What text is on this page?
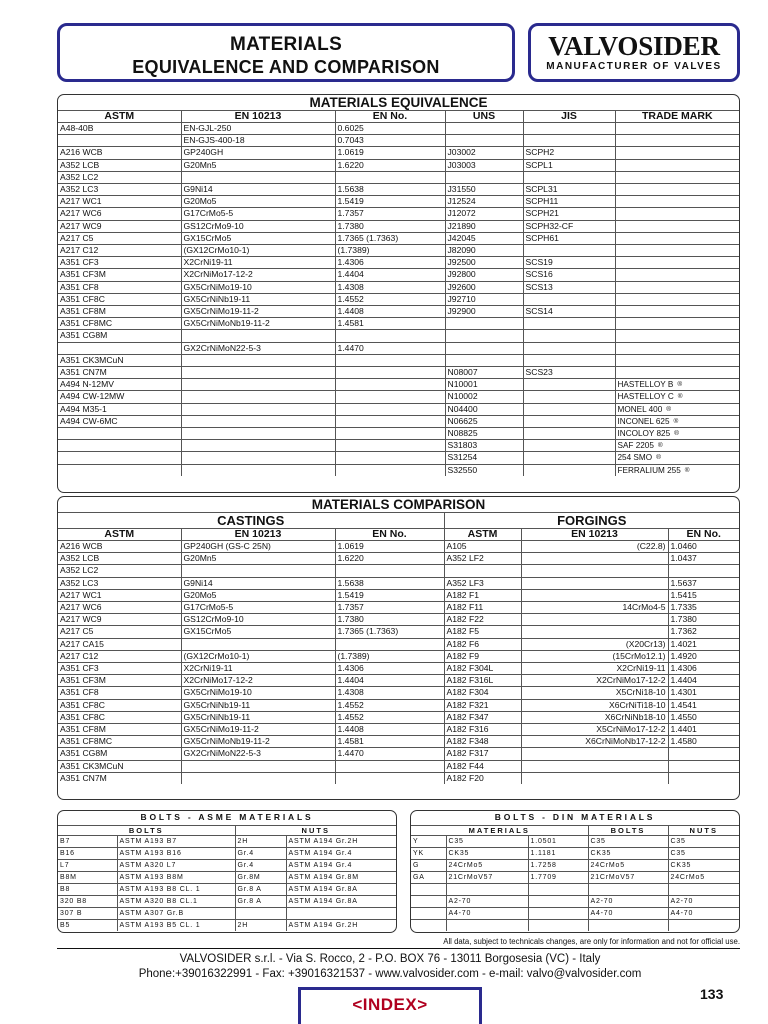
MATERIALS
EQUIVALENCE AND COMPARISON
VALVOSIDER
MANUFACTURER OF VALVES
MATERIALS EQUIVALENCE
ASTM	EN 10213	EN No.	UNS	JIS	TRADE MARK
A48-40B	EN-GJL-250	0.6025			
	EN-GJS-400-18	0.7043			
A216 WCB	GP240GH	1.0619	J03002	SCPH2	
A352 LCB	G20Mn5	1.6220	J03003	SCPL1	
A352 LC2					
A352 LC3	G9Ni14	1.5638	J31550	SCPL31	
A217 WC1	G20Mo5	1.5419	J12524	SCPH11	
A217 WC6	G17CrMo5-5	1.7357	J12072	SCPH21	
A217 WC9	GS12CrMo9-10	1.7380	J21890	SCPH32-CF	
A217 C5	GX15CrMo5	1.7365 (1.7363)	J42045	SCPH61	
A217 C12	(GX12CrMo10-1)	(1.7389)	J82090		
A351 CF3	X2CrNi19-11	1.4306	J92500	SCS19	
A351 CF3M	X2CrNiMo17-12-2	1.4404	J92800	SCS16	
A351 CF8	GX5CrNiMo19-10	1.4308	J92600	SCS13	
A351 CF8C	GX5CrNiNb19-11	1.4552	J92710		
A351 CF8M	GX5CrNiMo19-11-2	1.4408	J92900	SCS14	
A351 CF8MC	GX5CrNiMoNb19-11-2	1.4581			
A351 CG8M					
	GX2CrNiMoN22-5-3	1.4470			
A351 CK3MCuN					
A351 CN7M			N08007	SCS23	
A494 N-12MV			N10001		HASTELLOY B ®
A494 CW-12MW			N10002		HASTELLOY C ®
A494 M35-1			N04400		MONEL 400 ®
A494 CW-6MC			N06625		INCONEL 625 ®
			N08825		INCOLOY 825 ®
			S31803		SAF 2205 ®
			S31254		254 SMO ®
			S32550		FERRALIUM 255 ®
MATERIALS COMPARISON
CASTINGS			FORGINGS		
ASTM	EN 10213	EN No.	ASTM	EN 10213	EN No.
A216 WCB	GP240GH (GS-C 25N)	1.0619	A105	(C22.8)	1.0460
A352 LCB	G20Mn5	1.6220	A352 LF2		1.0437
A352 LC2					
A352 LC3	G9Ni14	1.5638	A352 LF3		1.5637
A217 WC1	G20Mo5	1.5419	A182 F1		1.5415
A217 WC6	G17CrMo5-5	1.7357	A182 F11	14CrMo4-5	1.7335
A217 WC9	GS12CrMo9-10	1.7380	A182 F22		1.7380
A217 C5	GX15CrMo5	1.7365 (1.7363)	A182 F5		1.7362
A217 CA15			A182 F6	(X20Cr13)	1.4021
A217 C12	(GX12CrMo10-1)	(1.7389)	A182 F9	(15CrMo12.1)	1.4920
A351 CF3	X2CrNi19-11	1.4306	A182 F304L	X2CrNi19-11	1.4306
A351 CF3M	X2CrNiMo17-12-2	1.4404	A182 F316L	X2CrNiMo17-12-2	1.4404
A351 CF8	GX5CrNiMo19-10	1.4308	A182 F304	X5CrNi18-10	1.4301
A351 CF8C	GX5CrNiNb19-11	1.4552	A182 F321	X6CrNiTi18-10	1.4541
A351 CF8C	GX5CrNiNb19-11	1.4552	A182 F347	X6CrNiNb18-10	1.4550
A351 CF8M	GX5CrNiMo19-11-2	1.4408	A182 F316	X5CrNiMo17-12-2	1.4401
A351 CF8MC	GX5CrNiMoNb19-11-2	1.4581	A182 F348	X6CrNiMoNb17-12-2	1.4580
A351 CG8M	GX2CrNiMoN22-5-3	1.4470	A182 F317		
A351 CK3MCuN			A182 F44		
A351 CN7M			A182 F20		
BOLTS - ASME MATERIALS			
BOLTS		NUTS	
B7	ASTM A193 B7	2H	ASTM A194 Gr.2H
B16	ASTM A193 B16	Gr.4	ASTM A194 Gr.4
L7	ASTM A320 L7	Gr.4	ASTM A194 Gr.4
B8M	ASTM A193 B8M	Gr.8M	ASTM A194 Gr.8M
B8	ASTM A193 B8 CL. 1	Gr.8 A	ASTM A194 Gr.8A
320 B8	ASTM A320 B8 CL.1	Gr.8 A	ASTM A194 Gr.8A
307 B	ASTM A307 Gr.B		
B5	ASTM A193 B5 CL. 1	2H	ASTM A194 Gr.2H
BOLTS - DIN MATERIALS				
MATERIALS			BOLTS	NUTS
Y	C35	1.0501	C35	C35
YK	CK35	1.1181	CK35	C35
G	24CrMo5	1.7258	24CrMo5	CK35
GA	21CrMoV57	1.7709	21CrMoV57	24CrMo5

	A2-70		A2-70	A2-70
	A4-70		A4-70	A4-70

All data, subject to technicals changes, are only for information and not for official use.
VALVOSIDER s.r.l. - Via S. Rocco, 2 - P.O. BOX 76 - 13011 Borgosesia (VC) - Italy
Phone:+39016322991 - Fax: +39016321537 - www.valvosider.com - e-mail: valvo@valvosider.com
<INDEX>
133
